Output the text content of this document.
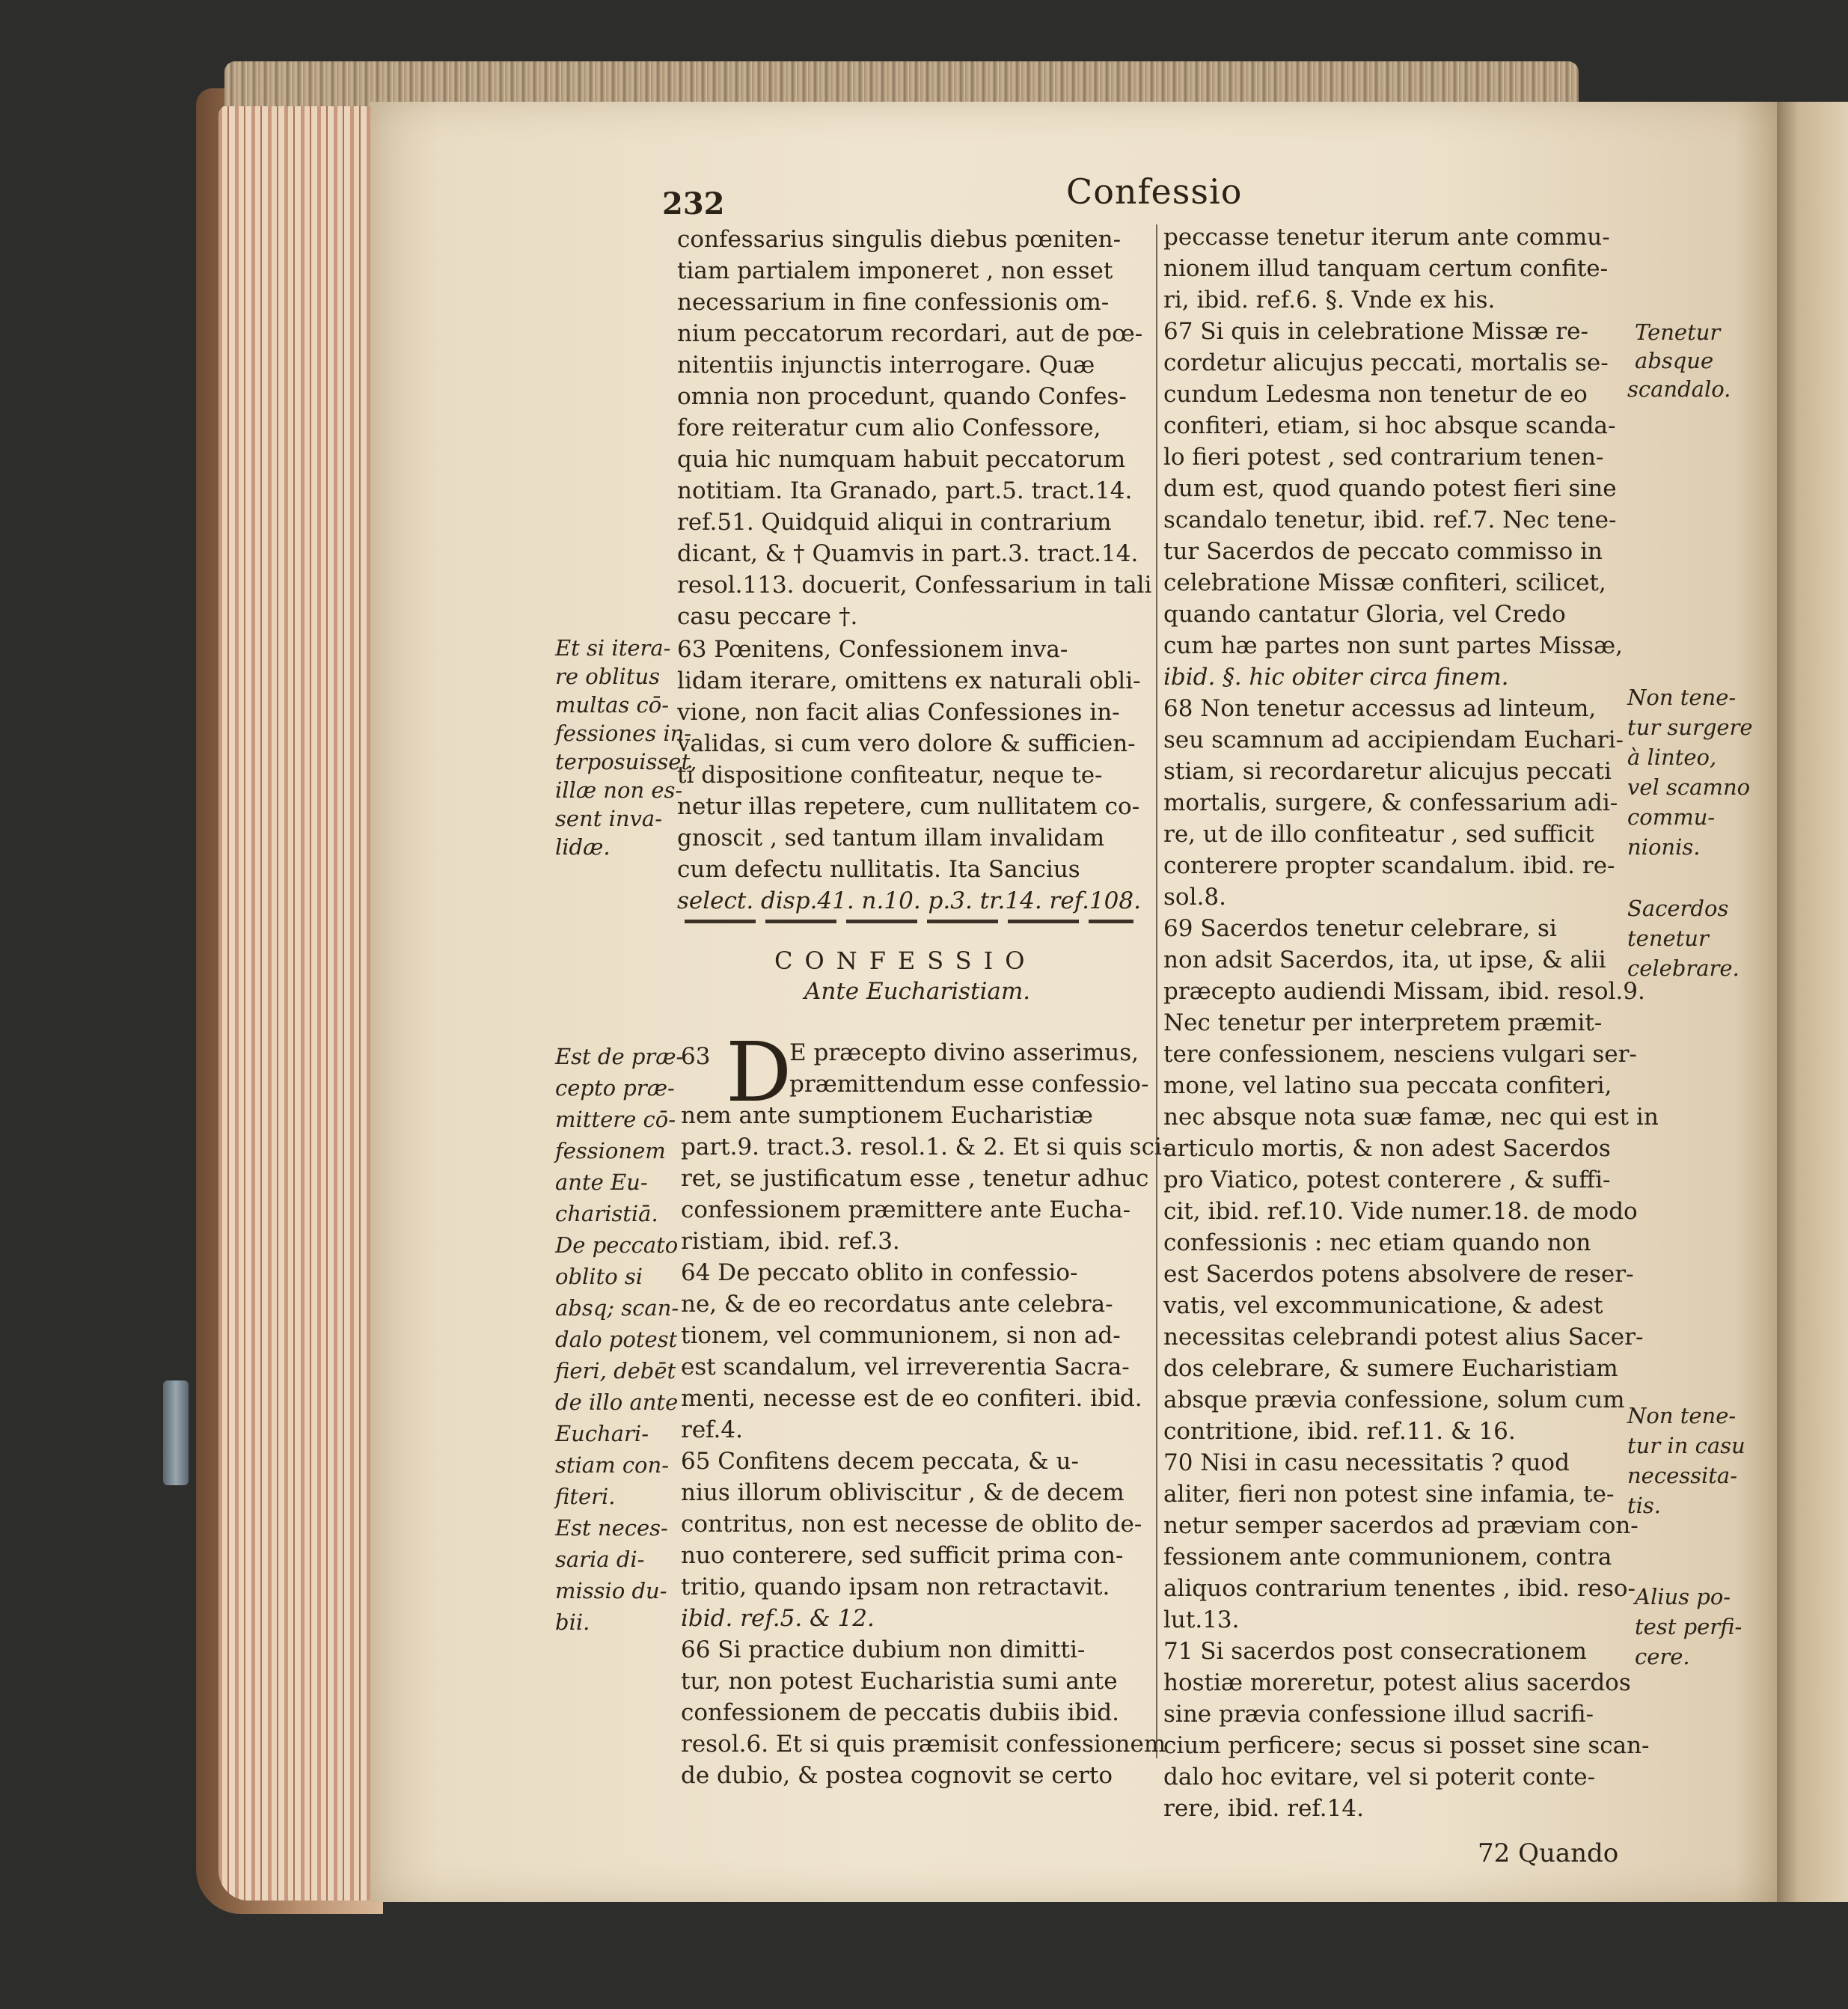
232	Confessio
confessarius singulis diebus pœniten-
tiam partialem imponeret , non esset
necessarium in fine confessionis om-
nium peccatorum recordari, aut de pœ-
nitentiis injunctis interrogare. Quæ
omnia non procedunt, quando Confes-
fore reiteratur cum alio Confessore,
quia hic numquam habuit peccatorum
notitiam. Ita Granado, part.5. tract.14.
ref.51. Quidquid aliqui in contrarium
dicant, & † Quamvis in part.3. tract.14.
resol.113. docuerit, Confessarium in tali
casu peccare †.
63 Pœnitens, Confessionem inva-
lidam iterare, omittens ex naturali obli-
vione, non facit alias Confessiones in-
validas, si cum vero dolore & sufficien-
ti dispositione confiteatur, neque te-
netur illas repetere, cum nullitatem co-
gnoscit , sed tantum illam invalidam
cum defectu nullitatis. Ita Sancius
select. disp.41. n.10. p.3. tr.14. ref.108.
CONFESSIO
Ante Eucharistiam.
D
63	E præcepto divino asserimus,
præmittendum esse confessio-
nem ante sumptionem Eucharistiæ
part.9. tract.3. resol.1. & 2. Et si quis sci-
ret, se justificatum esse , tenetur adhuc
confessionem præmittere ante Eucha-
ristiam, ibid. ref.3.
64 De peccato oblito in confessio-
ne, & de eo recordatus ante celebra-
tionem, vel communionem, si non ad-
est scandalum, vel irreverentia Sacra-
menti, necesse est de eo confiteri. ibid.
ref.4.
65 Confitens decem peccata, & u-
nius illorum obliviscitur , & de decem
contritus, non est necesse de oblito de-
nuo conterere, sed sufficit prima con-
tritio, quando ipsam non retractavit.
ibid. ref.5. & 12.
66 Si practice dubium non dimitti-
tur, non potest Eucharistia sumi ante
confessionem de peccatis dubiis ibid.
resol.6. Et si quis præmisit confessionem
de dubio, & postea cognovit se certo
Et si itera-
re oblitus
multas cō-
fessiones in-
terposuisset,
illæ non es-
sent inva-
lidæ.
Est de præ-
cepto præ-
mittere cō-
fessionem
ante Eu-
charistiā.
De peccato
oblito si
absq; scan-
dalo potest
fieri, debēt
de illo ante
Euchari-
stiam con-
fiteri.
Est neces-
saria di-
missio du-
bii.
peccasse tenetur iterum ante commu-
nionem illud tanquam certum confite-
ri, ibid. ref.6. §. Vnde ex his.
67 Si quis in celebratione Missæ re-
cordetur alicujus peccati, mortalis se-
cundum Ledesma non tenetur de eo
confiteri, etiam, si hoc absque scanda-
lo fieri potest , sed contrarium tenen-
dum est, quod quando potest fieri sine
scandalo tenetur, ibid. ref.7. Nec tene-
tur Sacerdos de peccato commisso in
celebratione Missæ confiteri, scilicet,
quando cantatur Gloria, vel Credo
cum hæ partes non sunt partes Missæ,
ibid. §. hic obiter circa finem.
68 Non tenetur accessus ad linteum,
seu scamnum ad accipiendam Euchari-
stiam, si recordaretur alicujus peccati
mortalis, surgere, & confessarium adi-
re, ut de illo confiteatur , sed sufficit
conterere propter scandalum. ibid. re-
sol.8.
69 Sacerdos tenetur celebrare, si
non adsit Sacerdos, ita, ut ipse, & alii
præcepto audiendi Missam, ibid. resol.9.
Nec tenetur per interpretem præmit-
tere confessionem, nesciens vulgari ser-
mone, vel latino sua peccata confiteri,
nec absque nota suæ famæ, nec qui est in
articulo mortis, & non adest Sacerdos
pro Viatico, potest conterere , & suffi-
cit, ibid. ref.10. Vide numer.18. de modo
confessionis : nec etiam quando non
est Sacerdos potens absolvere de reser-
vatis, vel excommunicatione, & adest
necessitas celebrandi potest alius Sacer-
dos celebrare, & sumere Eucharistiam
absque prævia confessione, solum cum
contritione, ibid. ref.11. & 16.
70 Nisi in casu necessitatis ? quod
aliter, fieri non potest sine infamia, te-
netur semper sacerdos ad præviam con-
fessionem ante communionem, contra
aliquos contrarium tenentes , ibid. reso-
lut.13.
71 Si sacerdos post consecrationem
hostiæ moreretur, potest alius sacerdos
sine prævia confessione illud sacrifi-
cium perficere; secus si posset sine scan-
dalo hoc evitare, vel si poterit conte-
rere, ibid. ref.14.
72 Quando
Tenetur
absque
scandalo.
Non tene-
tur surgere
à linteo,
vel scamno
commu-
nionis.
Sacerdos
tenetur
celebrare.
Non tene-
tur in casu
necessita-
tis.
Alius po-
test perfi-
cere.
